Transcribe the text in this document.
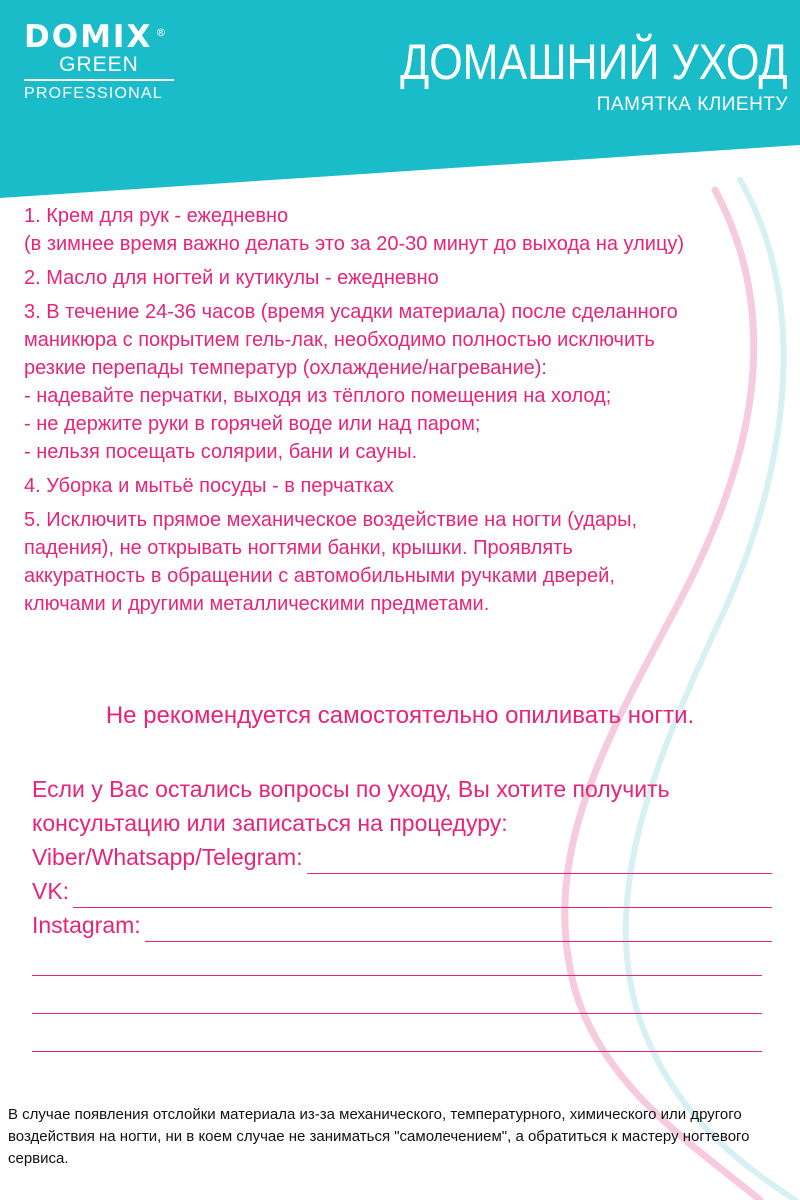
DOMIX ®
GREEN
PROFESSIONAL
ДОМАШНИЙ УХОД
ПАМЯТКА КЛИЕНТУ

1. Крем для рук - ежедневно

(в зимнее время важно делать это за 20-30 минут до выхода на улицу)

2. Масло для ногтей и кутикулы - ежедневно

3. В течение 24-36 часов (время усадки материала) после сделанного

маникюра с покрытием гель-лак, необходимо полностью исключить

резкие перепады температур (охлаждение/нагревание):

- надевайте перчатки, выходя из тёплого помещения на холод;

- не держите руки в горячей воде или над паром;

- нельзя посещать солярии, бани и сауны.

4. Уборка и мытьё посуды - в перчатках

5. Исключить прямое механическое воздействие на ногти (удары,

падения), не открывать ногтями банки, крышки. Проявлять

аккуратность в обращении с автомобильными ручками дверей,

ключами и другими металлическими предметами.

Не рекомендуется самостоятельно опиливать ногти.

Если у Вас остались вопросы по уходу, Вы хотите получить

консультацию или записаться на процедуру:

Viber/Whatsapp/Telegram:
VK:
Instagram:
В случае появления отслойки материала из-за механического, температурного, химического или другого воздействия на ногти, ни в коем случае не заниматься "самолечением", а обратиться к мастеру ногтевого сервиса.
